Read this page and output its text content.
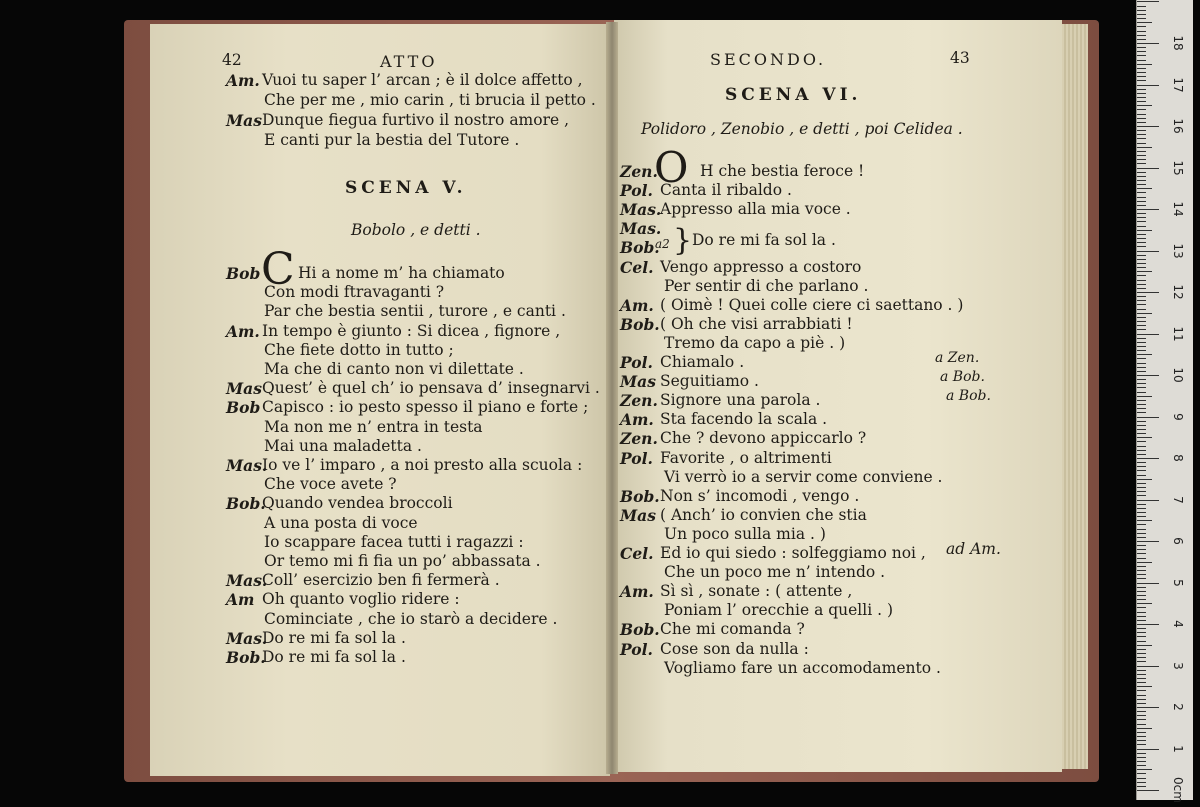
42	ATTO
Am. Vuoi tu saper l’ arcan ; è il dolce affetto ,
Che per me , mio carin , ti brucia il petto .
Mas Dunque fiegua furtivo il nostro amore ,
E canti pur la bestia del Tutore .
SCENA V.
Bobolo , e detti .
C
Bob Hi a nome m’ ha chiamato
Con modi ftravaganti ?
Par che bestia sentii , turore , e canti .
Am. In tempo è giunto : Si dicea , fignore ,
Che fiete dotto in tutto ;
Ma che di canto non vi dilettate .
Mas Quest’ è quel ch’ io pensava d’ insegnarvi .
Bob Capisco : io pesto spesso il piano e forte ;
Ma non me n’ entra in testa
Mai una maladetta .
Mas.
Io ve l’ imparo , a noi presto alla scuola :
Che voce avete ?
Bob.
Quando vendea broccoli
A una posta di voce
Io scappare facea tutti i ragazzi :
Or temo mi fi fia un po’ abbassata .
Mas.
Coll’ esercizio ben fi fermerà .
Am Oh quanto voglio ridere :
Cominciate , che io starò a decidere .
Mas.
Do re mi fa sol la .
Bob.
Do re mi fa sol la .
SECONDO.	43
SCENA VI.
Polidoro , Zenobio , e detti , poi Celidea .
O
Zen.	H che bestia feroce !
Pol. Canta il ribaldo .
Mas.
Appresso alla mia voce .
Mas.
Bob.
Cel. Vengo appresso a costoro
Per sentir di che parlano .
Am. ( Oimè ! Quei colle ciere ci saettano . )
Bob. ( Oh che visi arrabbiati !
Tremo da capo a piè . )
Pol. Chiamalo .
Mas Seguitiamo .
Zen. Signore una parola .
Am. Sta facendo la scala .
Zen. Che ? devono appiccarlo ?
Pol. Favorite , o altrimenti
Vi verrò io a servir come conviene .
Bob. Non s’ incomodi , vengo .
Mas ( Anch’ io convien che stia
Un poco sulla mia . )
Cel. Ed io qui siedo : solfeggiamo noi ,
Che un poco me n’ intendo .
Am. Sì sì , sonate : ( attente ,
Poniam l’ orecchie a quelli . )
Bob. Che mi comanda ?
Pol. Cose son da nulla :
Vogliamo fare un accomodamento .
a2 } Do re mi fa sol la .
a Zen.
a Bob.
a Bob.
ad Am.
18
17
16
15
14
13
12
11
10
9
8
7
6
5
4
3
2
1
0cm
